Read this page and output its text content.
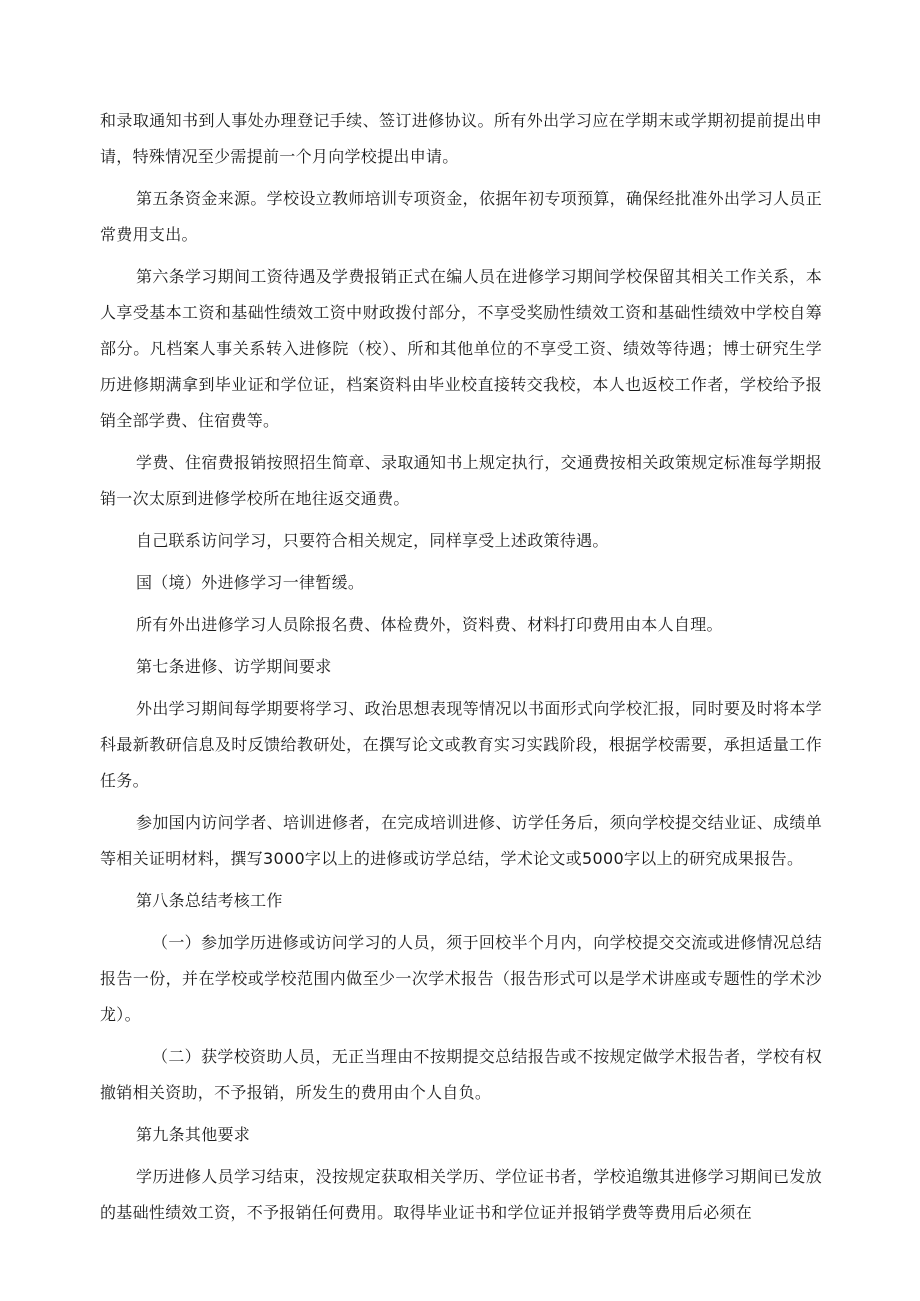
和录取通知书到人事处办理登记手续、签订进修协议。所有外出学习应在学期末或学期初提前提出申请，特殊情况至少需提前一个月向学校提出申请。

第五条资金来源。学校设立教师培训专项资金，依据年初专项预算，确保经批准外出学习人员正常费用支出。

第六条学习期间工资待遇及学费报销正式在编人员在进修学习期间学校保留其相关工作关系，本人享受基本工资和基础性绩效工资中财政拨付部分，不享受奖励性绩效工资和基础性绩效中学校自筹部分。凡档案人事关系转入进修院（校）、所和其他单位的不享受工资、绩效等待遇；博士研究生学历进修期满拿到毕业证和学位证，档案资料由毕业校直接转交我校，本人也返校工作者，学校给予报销全部学费、住宿费等。

学费、住宿费报销按照招生简章、录取通知书上规定执行，交通费按相关政策规定标准每学期报销一次太原到进修学校所在地往返交通费。

自己联系访问学习，只要符合相关规定，同样享受上述政策待遇。

国（境）外进修学习一律暂缓。

所有外出进修学习人员除报名费、体检费外，资料费、材料打印费用由本人自理。

第七条进修、访学期间要求

外出学习期间每学期要将学习、政治思想表现等情况以书面形式向学校汇报，同时要及时将本学科最新教研信息及时反馈给教研处，在撰写论文或教育实习实践阶段，根据学校需要，承担适量工作任务。

参加国内访问学者、培训进修者，在完成培训进修、访学任务后，须向学校提交结业证、成绩单等相关证明材料，撰写3000字以上的进修或访学总结，学术论文或5000字以上的研究成果报告。

第八条总结考核工作

（一）参加学历进修或访问学习的人员，须于回校半个月内，向学校提交交流或进修情况总结报告一份，并在学校或学校范围内做至少一次学术报告（报告形式可以是学术讲座或专题性的学术沙龙）。

（二）获学校资助人员，无正当理由不按期提交总结报告或不按规定做学术报告者，学校有权撤销相关资助，不予报销，所发生的费用由个人自负。

第九条其他要求

学历进修人员学习结束，没按规定获取相关学历、学位证书者，学校追缴其进修学习期间已发放的基础性绩效工资，不予报销任何费用。取得毕业证书和学位证并报销学费等费用后必须在
